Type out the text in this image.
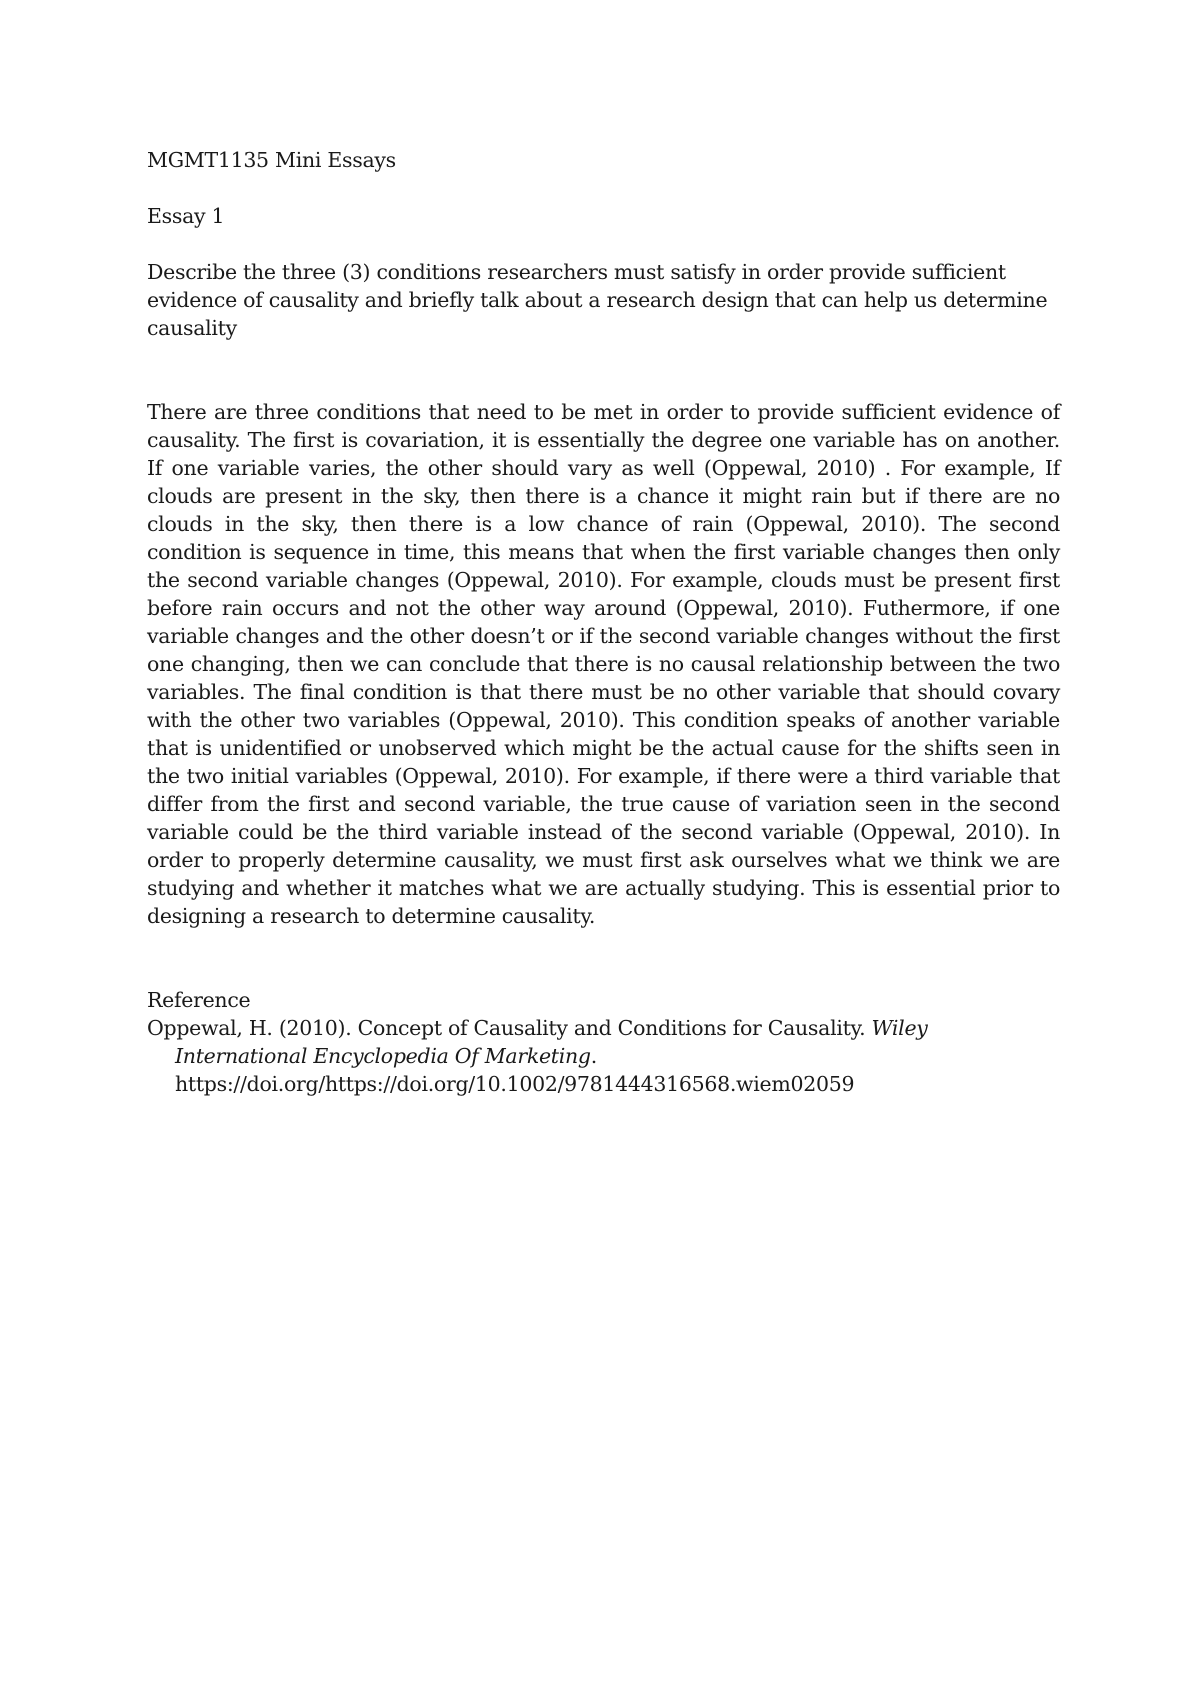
MGMT1135 Mini Essays
Essay 1

Describe the three (3) conditions researchers must satisfy in order provide sufficient evidence of causality and briefly talk about a research design that can help us determine causality

There are three conditions that need to be met in order to provide sufficient evidence of causality. The first is covariation, it is essentially the degree one variable has on another. If one variable varies, the other should vary as well (Oppewal, 2010) . For example, If clouds are present in the sky, then there is a chance it might rain but if there are no clouds in the sky, then there is a low chance of rain (Oppewal, 2010). The second condition is sequence in time, this means that when the first variable changes then only the second variable changes (Oppewal, 2010). For example, clouds must be present first before rain occurs and not the other way around (Oppewal, 2010). Futhermore, if one variable changes and the other doesn’t or if the second variable changes without the first one changing, then we can conclude that there is no causal relationship between the two variables. The final condition is that there must be no other variable that should covary with the other two variables (Oppewal, 2010). This condition speaks of another variable that is unidentified or unobserved which might be the actual cause for the shifts seen in the two initial variables (Oppewal, 2010). For example, if there were a third variable that differ from the first and second variable, the true cause of variation seen in the second variable could be the third variable instead of the second variable (Oppewal, 2010). In order to properly determine causality, we must first ask ourselves what we think we are studying and whether it matches what we are actually studying. This is essential prior to designing a research to determine causality.

Reference

Oppewal, H. (2010). Concept of Causality and Conditions for Causality. Wiley International Encyclopedia Of Marketing. https://doi.org/https://doi.org/10.1002/9781444316568.wiem02059
